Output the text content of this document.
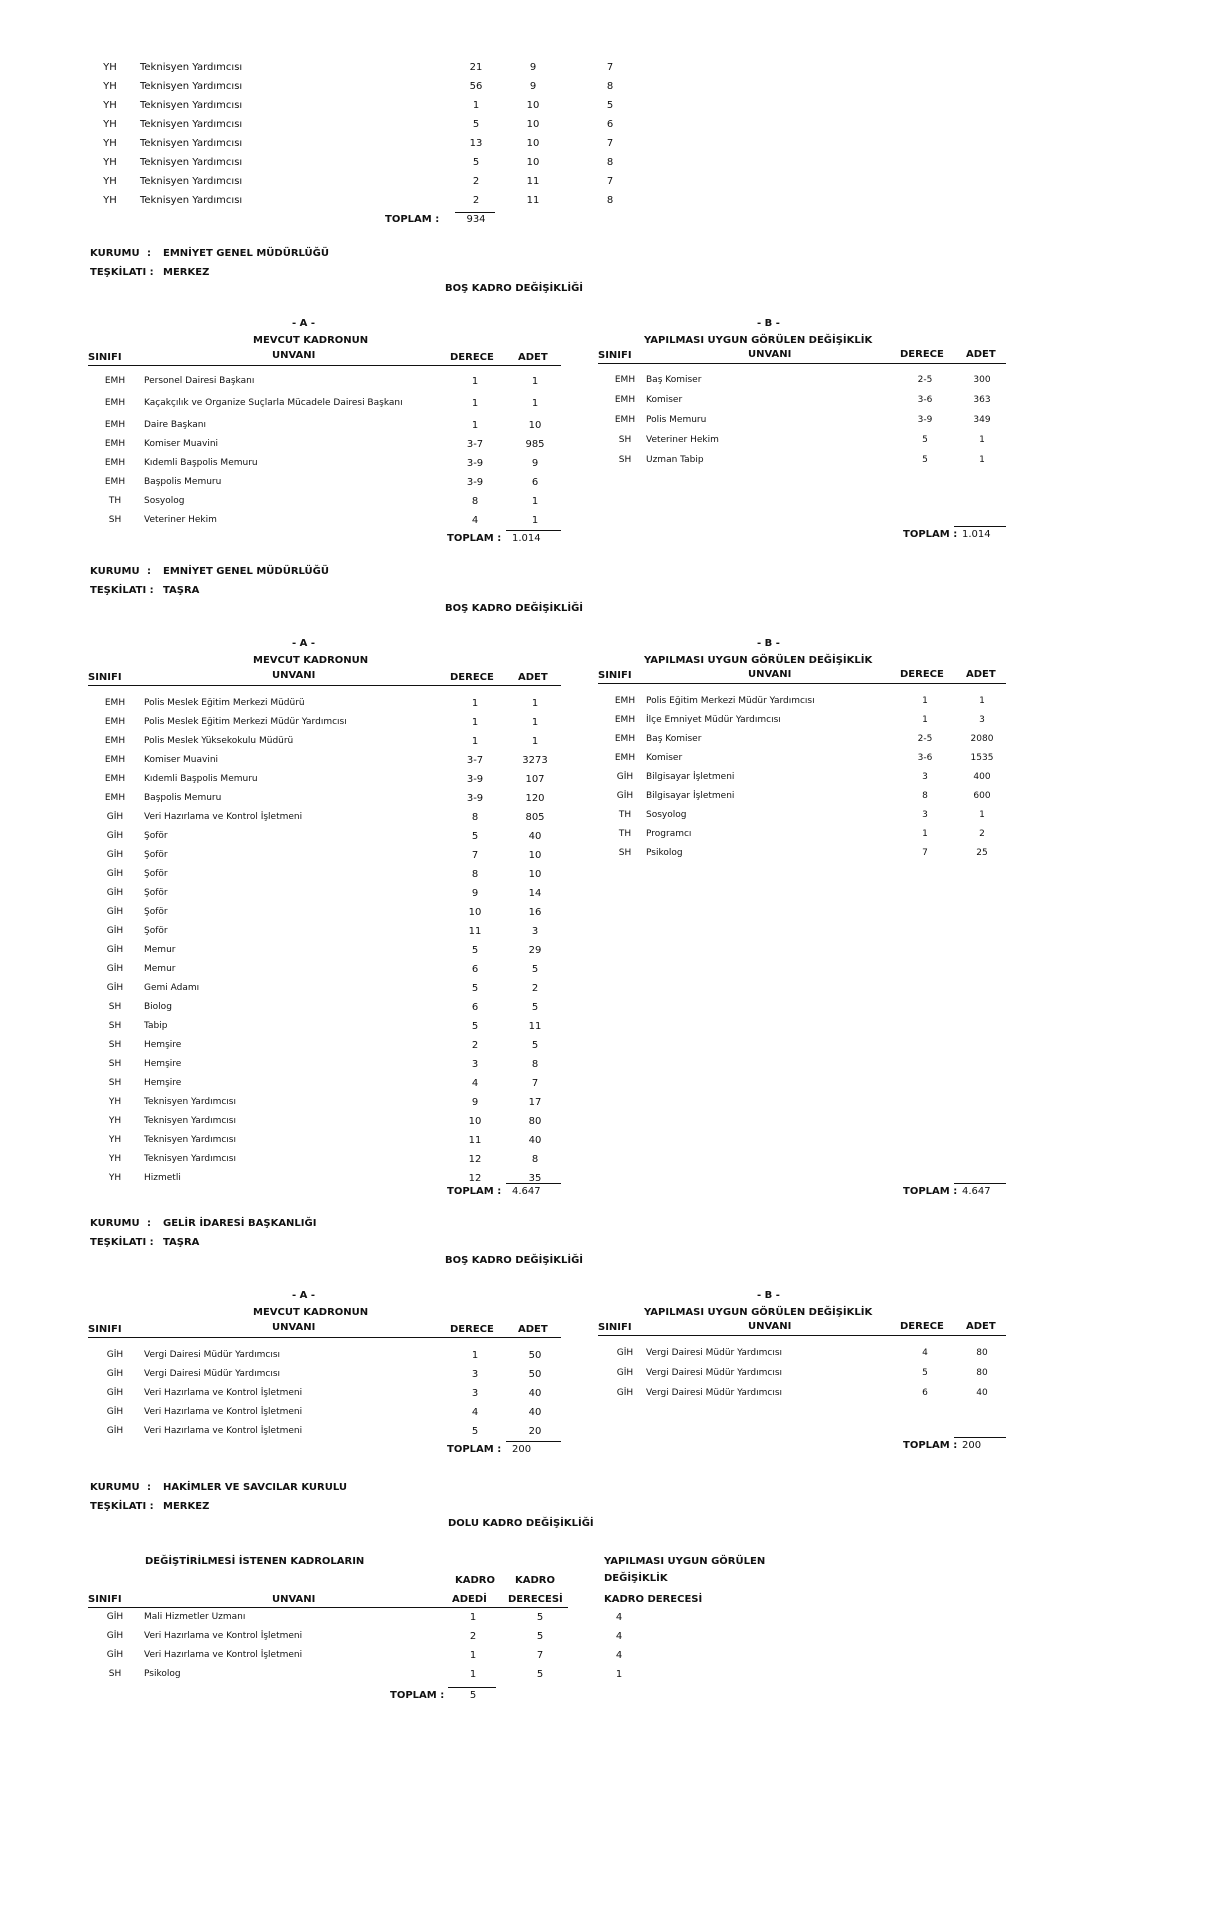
YH	Teknisyen Yardımcısı	21	9	7
YH	Teknisyen Yardımcısı	56	9	8
YH	Teknisyen Yardımcısı	1	10	5
YH	Teknisyen Yardımcısı	5	10	6
YH	Teknisyen Yardımcısı	13	10	7
YH	Teknisyen Yardımcısı	5	10	8
YH	Teknisyen Yardımcısı	2	11	7
YH	Teknisyen Yardımcısı	2	11	8
TOPLAM :	934
KURUMU : EMNİYET GENEL MÜDÜRLÜĞÜ
TEŞKİLATI : MERKEZ
BOŞ KADRO DEĞİŞİKLİĞİ
- A -
MEVCUT KADRONUN
SINIFI	UNVANI	DERECE ADET
- B -
YAPILMASI UYGUN GÖRÜLEN DEĞİŞİKLİK
SINIFI	UNVANI	DERECE ADET
EMH	Personel Dairesi Başkanı	1	1
EMH	Kaçakçılık ve Organize Suçlarla Mücadele Dairesi Başkanı	1	1
EMH	Daire Başkanı	1	10
EMH	Komiser Muavini	3-7	985
EMH	Kıdemli Başpolis Memuru	3-9	9
EMH	Başpolis Memuru	3-9	6
TH	Sosyolog	8	1
SH	Veteriner Hekim	4	1
TOPLAM : 1.014
EMH	Baş Komiser	2-5	300
EMH	Komiser	3-6	363
EMH	Polis Memuru	3-9	349
SH	Veteriner Hekim	5	1
SH	Uzman Tabip	5	1
TOPLAM : 1.014
KURUMU : EMNİYET GENEL MÜDÜRLÜĞÜ
TEŞKİLATI : TAŞRA
BOŞ KADRO DEĞİŞİKLİĞİ
- A -
MEVCUT KADRONUN
SINIFI	UNVANI	DERECE ADET
- B -
YAPILMASI UYGUN GÖRÜLEN DEĞİŞİKLİK
SINIFI	UNVANI	DERECE ADET
EMH	Polis Meslek Eğitim Merkezi Müdürü	1	1
EMH	Polis Meslek Eğitim Merkezi Müdür Yardımcısı	1	1
EMH	Polis Meslek Yüksekokulu Müdürü	1	1
EMH	Komiser Muavini	3-7	3273
EMH	Kıdemli Başpolis Memuru	3-9	107
EMH	Başpolis Memuru	3-9	120
GİH	Veri Hazırlama ve Kontrol İşletmeni	8	805
GİH	Şoför	5	40
GİH	Şoför	7	10
GİH	Şoför	8	10
GİH	Şoför	9	14
GİH	Şoför	10	16
GİH	Şoför	11	3
GİH	Memur	5	29
GİH	Memur	6	5
GİH	Gemi Adamı	5	2
SH	Biolog	6	5
SH	Tabip	5	11
SH	Hemşire	2	5
SH	Hemşire	3	8
SH	Hemşire	4	7
YH	Teknisyen Yardımcısı	9	17
YH	Teknisyen Yardımcısı	10	80
YH	Teknisyen Yardımcısı	11	40
YH	Teknisyen Yardımcısı	12	8
YH	Hizmetli	12	35
TOPLAM : 4.647
EMH	Polis Eğitim Merkezi Müdür Yardımcısı	1	1
EMH	İlçe Emniyet Müdür Yardımcısı	1	3
EMH	Baş Komiser	2-5	2080
EMH	Komiser	3-6	1535
GİH	Bilgisayar İşletmeni	3	400
GİH	Bilgisayar İşletmeni	8	600
TH	Sosyolog	3	1
TH	Programcı	1	2
SH	Psikolog	7	25
TOPLAM : 4.647
KURUMU : GELİR İDARESİ BAŞKANLIĞI
TEŞKİLATI : TAŞRA
BOŞ KADRO DEĞİŞİKLİĞİ
- A -
MEVCUT KADRONUN
SINIFI	UNVANI	DERECE ADET
- B -
YAPILMASI UYGUN GÖRÜLEN DEĞİŞİKLİK
SINIFI	UNVANI	DERECE ADET
GİH	Vergi Dairesi Müdür Yardımcısı	1	50
GİH	Vergi Dairesi Müdür Yardımcısı	3	50
GİH	Veri Hazırlama ve Kontrol İşletmeni	3	40
GİH	Veri Hazırlama ve Kontrol İşletmeni	4	40
GİH	Veri Hazırlama ve Kontrol İşletmeni	5	20
TOPLAM : 200
GİH	Vergi Dairesi Müdür Yardımcısı	4	80
GİH	Vergi Dairesi Müdür Yardımcısı	5	80
GİH	Vergi Dairesi Müdür Yardımcısı	6	40
TOPLAM : 200
KURUMU : HAKİMLER VE SAVCILAR KURULU
TEŞKİLATI : MERKEZ
DOLU KADRO DEĞİŞİKLİĞİ
DEĞİŞTİRİLMESİ İSTENEN KADROLARIN	YAPILMASI UYGUN GÖRÜLEN
DEĞİŞİKLİK
KADRO KADRO
SINIFI	UNVANI	ADEDİ DERECESİ	KADRO DERECESİ
GİH	Mali Hizmetler Uzmanı	1	5	4
GİH	Veri Hazırlama ve Kontrol İşletmeni	2	5	4
GİH	Veri Hazırlama ve Kontrol İşletmeni	1	7	4
SH	Psikolog	1	5	1
TOPLAM :	5
